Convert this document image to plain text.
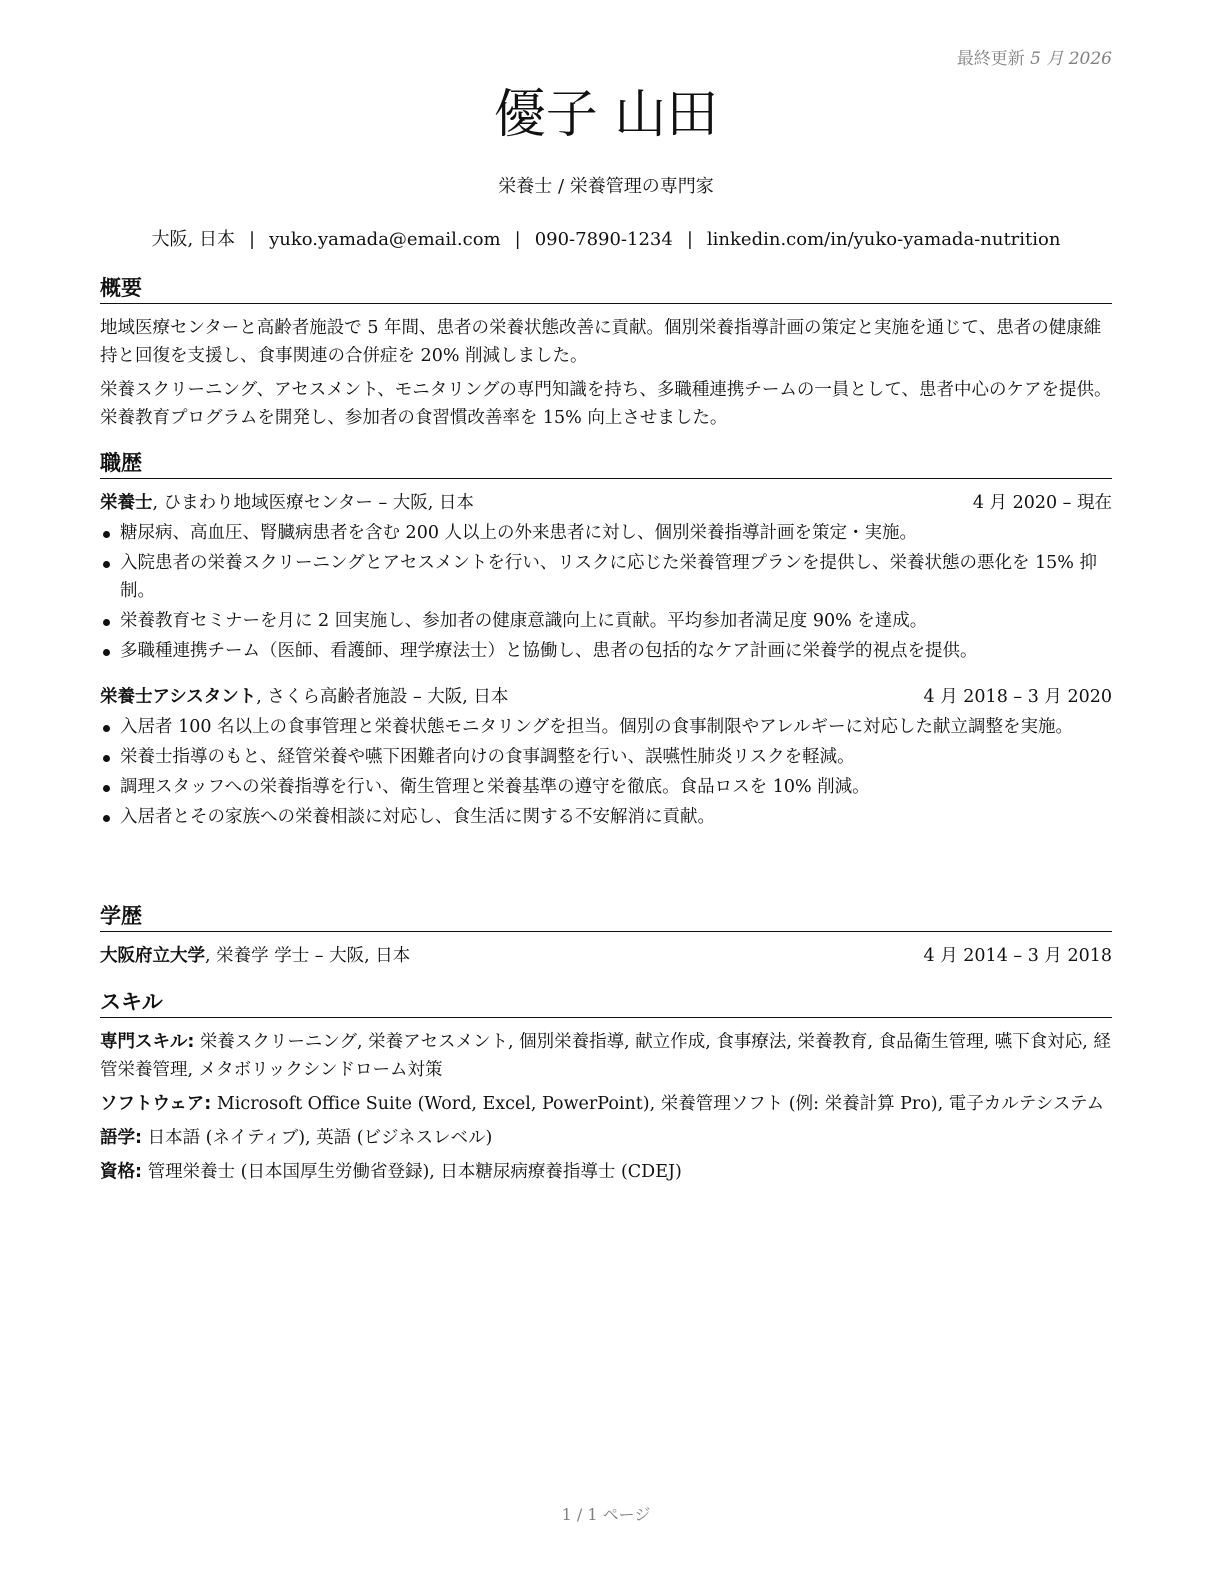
最終更新 5 月 2026
優子 山田
栄養士 / 栄養管理の専門家
大阪, 日本 | yuko.yamada@email.com | 090-7890-1234 | linkedin.com/in/yuko-yamada-nutrition
概要

地域医療センターと高齢者施設で 5 年間、患者の栄養状態改善に貢献。個別栄養指導計画の策定と実施を通じて、患者の健康維持と回復を支援し、食事関連の合併症を 20% 削減しました。

栄養スクリーニング、アセスメント、モニタリングの専門知識を持ち、多職種連携チームの一員として、患者中心のケアを提供。栄養教育プログラムを開発し、参加者の食習慣改善率を 15% 向上させました。

職歴
栄養士, ひまわり地域医療センター – 大阪, 日本	4 月 2020 – 現在
糖尿病、高血圧、腎臓病患者を含む 200 人以上の外来患者に対し、個別栄養指導計画を策定・実施。
入院患者の栄養スクリーニングとアセスメントを行い、リスクに応じた栄養管理プランを提供し、栄養状態の悪化を 15% 抑制。
栄養教育セミナーを月に 2 回実施し、参加者の健康意識向上に貢献。平均参加者満足度 90% を達成。
多職種連携チーム（医師、看護師、理学療法士）と協働し、患者の包括的なケア計画に栄養学的視点を提供。
栄養士アシスタント, さくら高齢者施設 – 大阪, 日本	4 月 2018 – 3 月 2020
入居者 100 名以上の食事管理と栄養状態モニタリングを担当。個別の食事制限やアレルギーに対応した献立調整を実施。
栄養士指導のもと、経管栄養や嚥下困難者向けの食事調整を行い、誤嚥性肺炎リスクを軽減。
調理スタッフへの栄養指導を行い、衛生管理と栄養基準の遵守を徹底。食品ロスを 10% 削減。
入居者とその家族への栄養相談に対応し、食生活に関する不安解消に貢献。
学歴
大阪府立大学, 栄養学 学士 – 大阪, 日本	4 月 2014 – 3 月 2018
スキル

専門スキル: 栄養スクリーニング, 栄養アセスメント, 個別栄養指導, 献立作成, 食事療法, 栄養教育, 食品衛生管理, 嚥下食対応, 経管栄養管理, メタボリックシンドローム対策

ソフトウェア: Microsoft Office Suite (Word, Excel, PowerPoint), 栄養管理ソフト (例: 栄養計算 Pro), 電子カルテシステム

語学: 日本語 (ネイティブ), 英語 (ビジネスレベル)

資格: 管理栄養士 (日本国厚生労働省登録), 日本糖尿病療養指導士 (CDEJ)

1 / 1 ページ
